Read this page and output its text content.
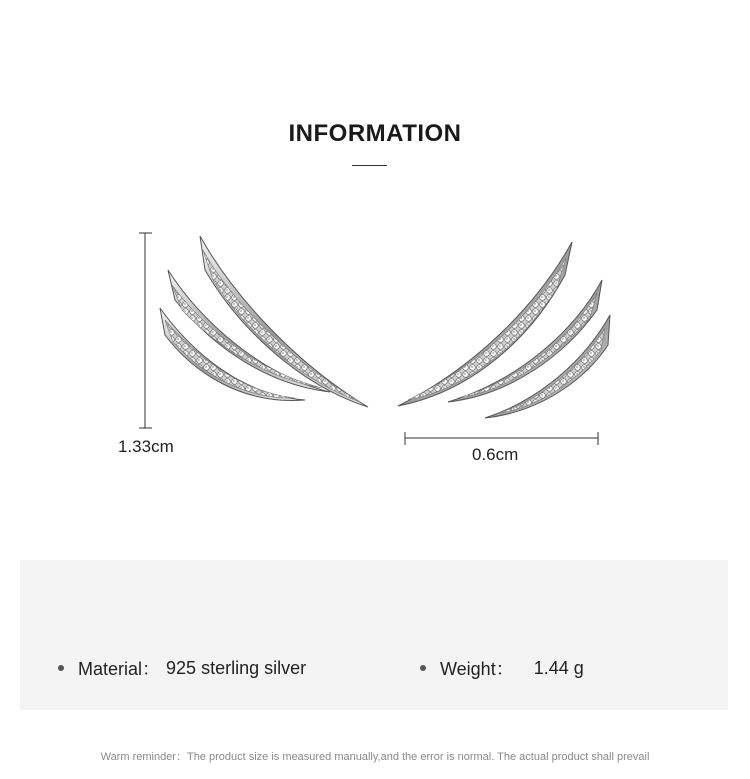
INFORMATION
1.33cm	0.6cm
Material： 925 sterling silver	Weight： 1.44 g
Warm reminder：The product size is measured manually,and the error is normal. The actual product shall prevail
